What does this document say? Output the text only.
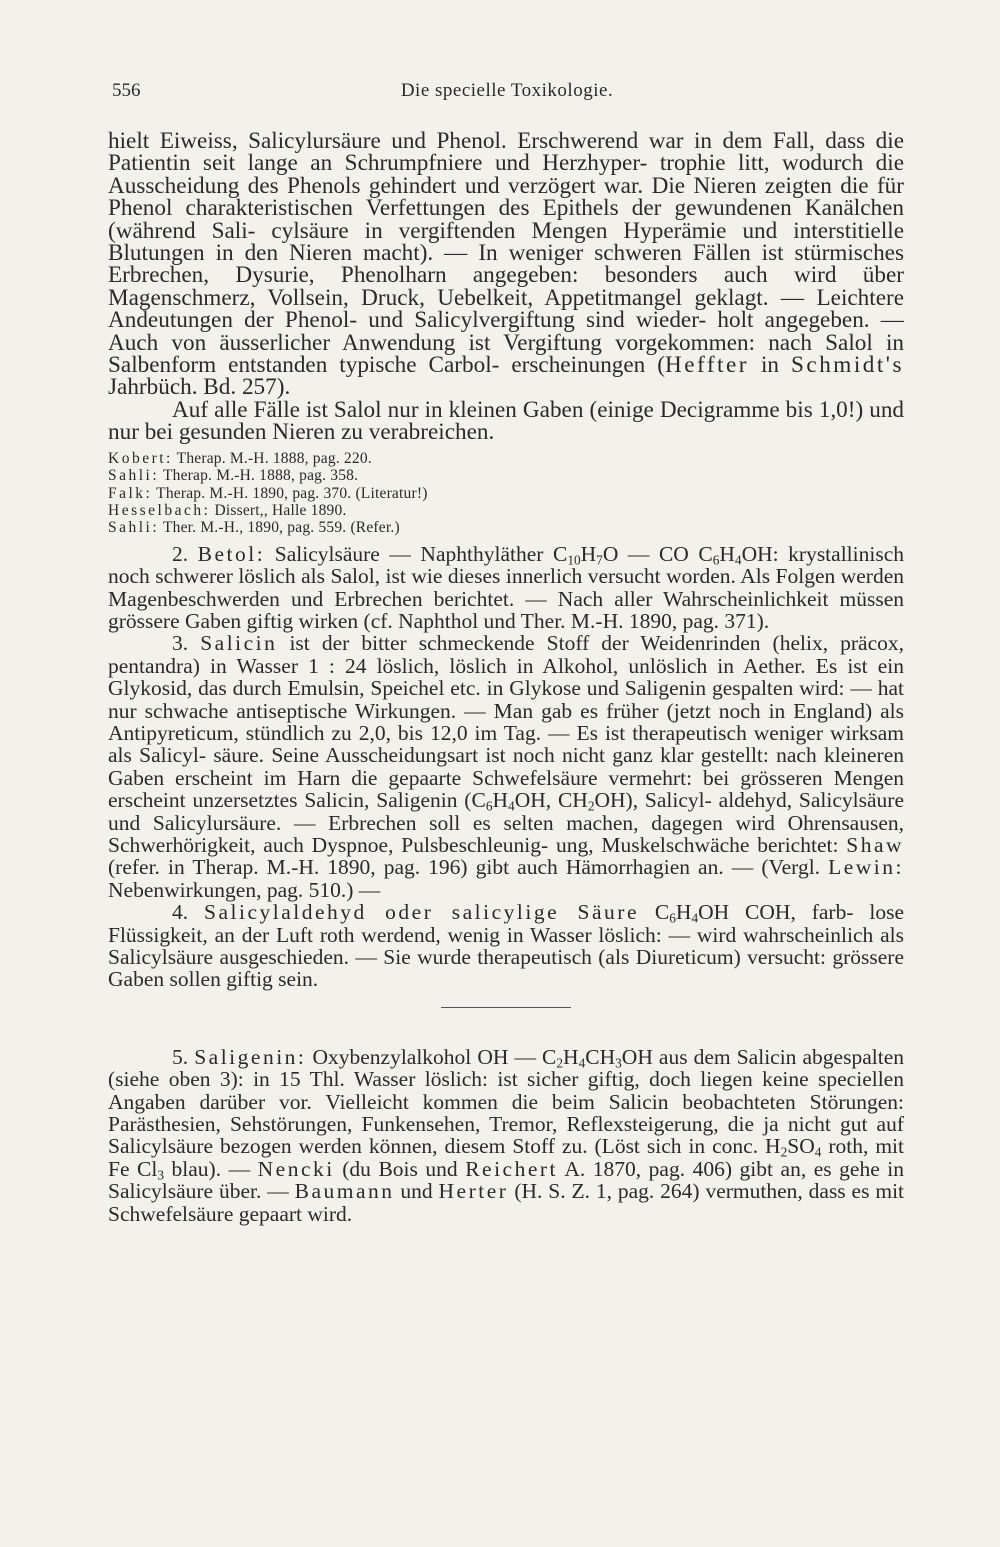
556	Die specielle Toxikologie.

hielt Eiweiss, Salicylursäure und Phenol. Erschwerend war in dem Fall, dass die Patientin seit lange an Schrumpfniere und Herzhyper- trophie litt, wodurch die Ausscheidung des Phenols gehindert und verzögert war. Die Nieren zeigten die für Phenol charakteristischen Verfettungen des Epithels der gewundenen Kanälchen (während Sali- cylsäure in vergiftenden Mengen Hyperämie und interstitielle Blutungen in den Nieren macht). — In weniger schweren Fällen ist stürmisches Erbrechen, Dysurie, Phenolharn angegeben: besonders auch wird über Magenschmerz, Vollsein, Druck, Uebelkeit, Appetitmangel geklagt. — Leichtere Andeutungen der Phenol- und Salicylvergiftung sind wieder- holt angegeben. — Auch von äusserlicher Anwendung ist Vergiftung vorgekommen: nach Salol in Salbenform entstanden typische Carbol- erscheinungen (Heffter in Schmidt's Jahrbüch. Bd. 257).

Auf alle Fälle ist Salol nur in kleinen Gaben (einige Decigramme bis 1,0!) und nur bei gesunden Nieren zu verabreichen.

Kobert: Therap. M.-H. 1888, pag. 220.
Sahli: Therap. M.-H. 1888, pag. 358.
Falk: Therap. M.-H. 1890, pag. 370. (Literatur!)
Hesselbach: Dissert,, Halle 1890.
Sahli: Ther. M.-H., 1890, pag. 559. (Refer.)

2. Betol: Salicylsäure — Naphthyläther $C_{10}H_7O$ — CO $C_6H_4OH$: krystallinisch noch schwerer löslich als Salol, ist wie dieses innerlich versucht worden. Als Folgen werden Magenbeschwerden und Erbrechen berichtet. — Nach aller Wahrscheinlichkeit müssen grössere Gaben giftig wirken (cf. Naphthol und Ther. M.-H. 1890, pag. 371).

3. Salicin ist der bitter schmeckende Stoff der Weidenrinden (helix, präcox, pentandra) in Wasser 1 : 24 löslich, löslich in Alkohol, unlöslich in Aether. Es ist ein Glykosid, das durch Emulsin, Speichel etc. in Glykose und Saligenin gespalten wird: — hat nur schwache antiseptische Wirkungen. — Man gab es früher (jetzt noch in England) als Antipyreticum, stündlich zu 2,0, bis 12,0 im Tag. — Es ist therapeutisch weniger wirksam als Salicyl- säure. Seine Ausscheidungsart ist noch nicht ganz klar gestellt: nach kleineren Gaben erscheint im Harn die gepaarte Schwefelsäure vermehrt: bei grösseren Mengen erscheint unzersetztes Salicin, Saligenin ($C_6H_4OH$, $CH_2OH$), Salicyl- aldehyd, Salicylsäure und Salicylursäure. — Erbrechen soll es selten machen, dagegen wird Ohrensausen, Schwerhörigkeit, auch Dyspnoe, Pulsbeschleunig- ung, Muskelschwäche berichtet: Shaw (refer. in Therap. M.-H. 1890, pag. 196) gibt auch Hämorrhagien an. — (Vergl. Lewin: Nebenwirkungen, pag. 510.) —

4. Salicylaldehyd oder salicylige Säure $C_6H_4OH$ COH, farb- lose Flüssigkeit, an der Luft roth werdend, wenig in Wasser löslich: — wird wahrscheinlich als Salicylsäure ausgeschieden. — Sie wurde therapeutisch (als Diureticum) versucht: grössere Gaben sollen giftig sein.

5. Saligenin: Oxybenzylalkohol OH — $C_2H_4CH_3OH$ aus dem Salicin abgespalten (siehe oben 3): in 15 Thl. Wasser löslich: ist sicher giftig, doch liegen keine speciellen Angaben darüber vor. Vielleicht kommen die beim Salicin beobachteten Störungen: Parästhesien, Sehstörungen, Funkensehen, Tremor, Reflexsteigerung, die ja nicht gut auf Salicylsäure bezogen werden können, diesem Stoff zu. (Löst sich in conc. $H_2SO_4$ roth, mit Fe $Cl_3$ blau). — Nencki (du Bois und Reichert A. 1870, pag. 406) gibt an, es gehe in Salicylsäure über. — Baumann und Herter (H. S. Z. 1, pag. 264) vermuthen, dass es mit Schwefelsäure gepaart wird.
